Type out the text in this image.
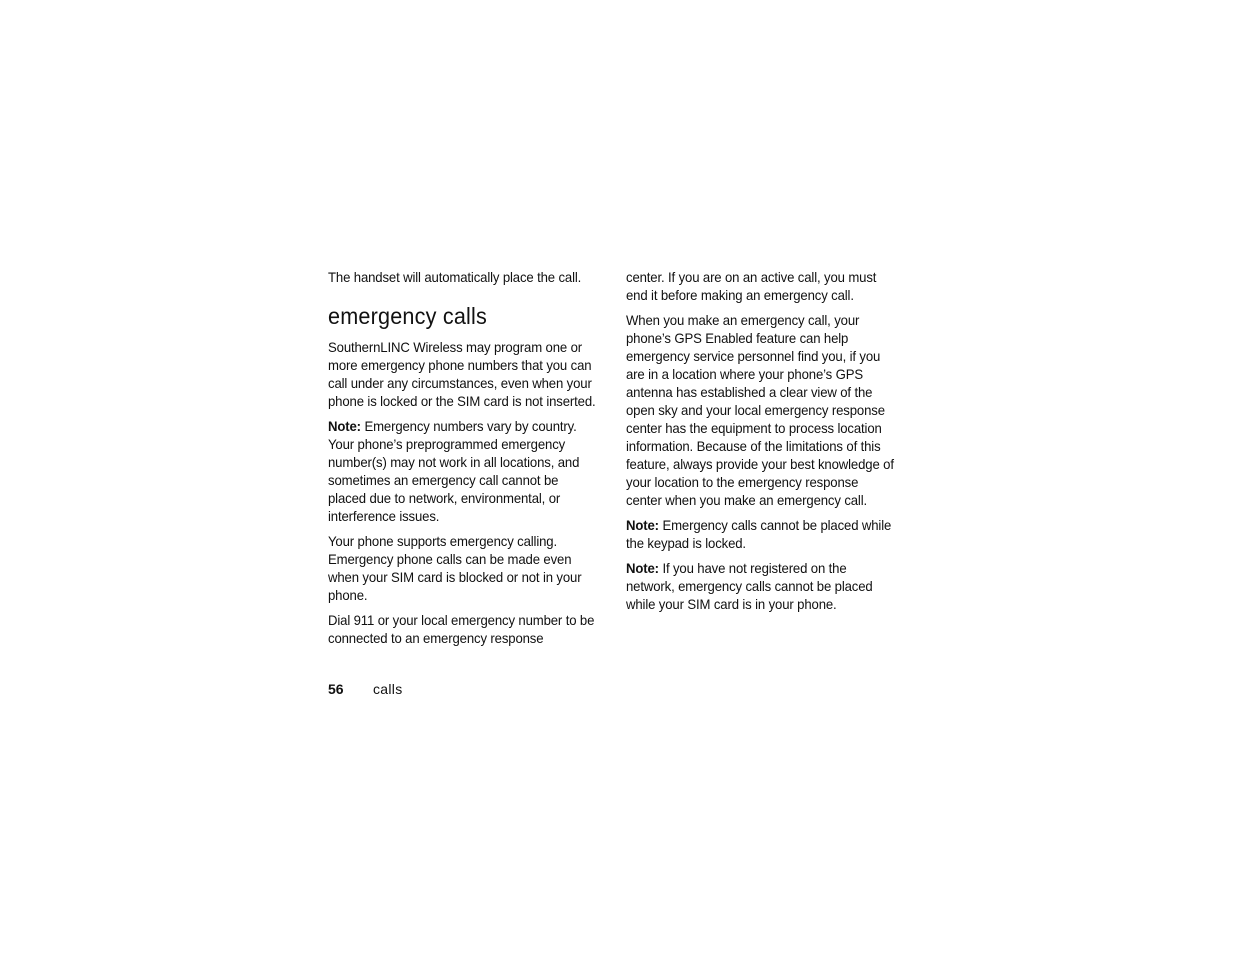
The handset will automatically place the call.

emergency calls

SouthernLINC Wireless may program one or more emergency phone numbers that you can call under any circumstances, even when your phone is locked or the SIM card is not inserted.

Note: Emergency numbers vary by country. Your phone’s preprogrammed emergency number(s) may not work in all locations, and sometimes an emergency call cannot be placed due to network, environmental, or interference issues.

Your phone supports emergency calling. Emergency phone calls can be made even when your SIM card is blocked or not in your phone.

Dial 911 or your local emergency number to be connected to an emergency response

center. If you are on an active call, you must end it before making an emergency call.

When you make an emergency call, your phone’s GPS Enabled feature can help emergency service personnel find you, if you are in a location where your phone’s GPS antenna has established a clear view of the open sky and your local emergency response center has the equipment to process location information. Because of the limitations of this feature, always provide your best knowledge of your location to the emergency response center when you make an emergency call.

Note: Emergency calls cannot be placed while the keypad is locked.

Note: If you have not registered on the network, emergency calls cannot be placed while your SIM card is in your phone.

56 calls
